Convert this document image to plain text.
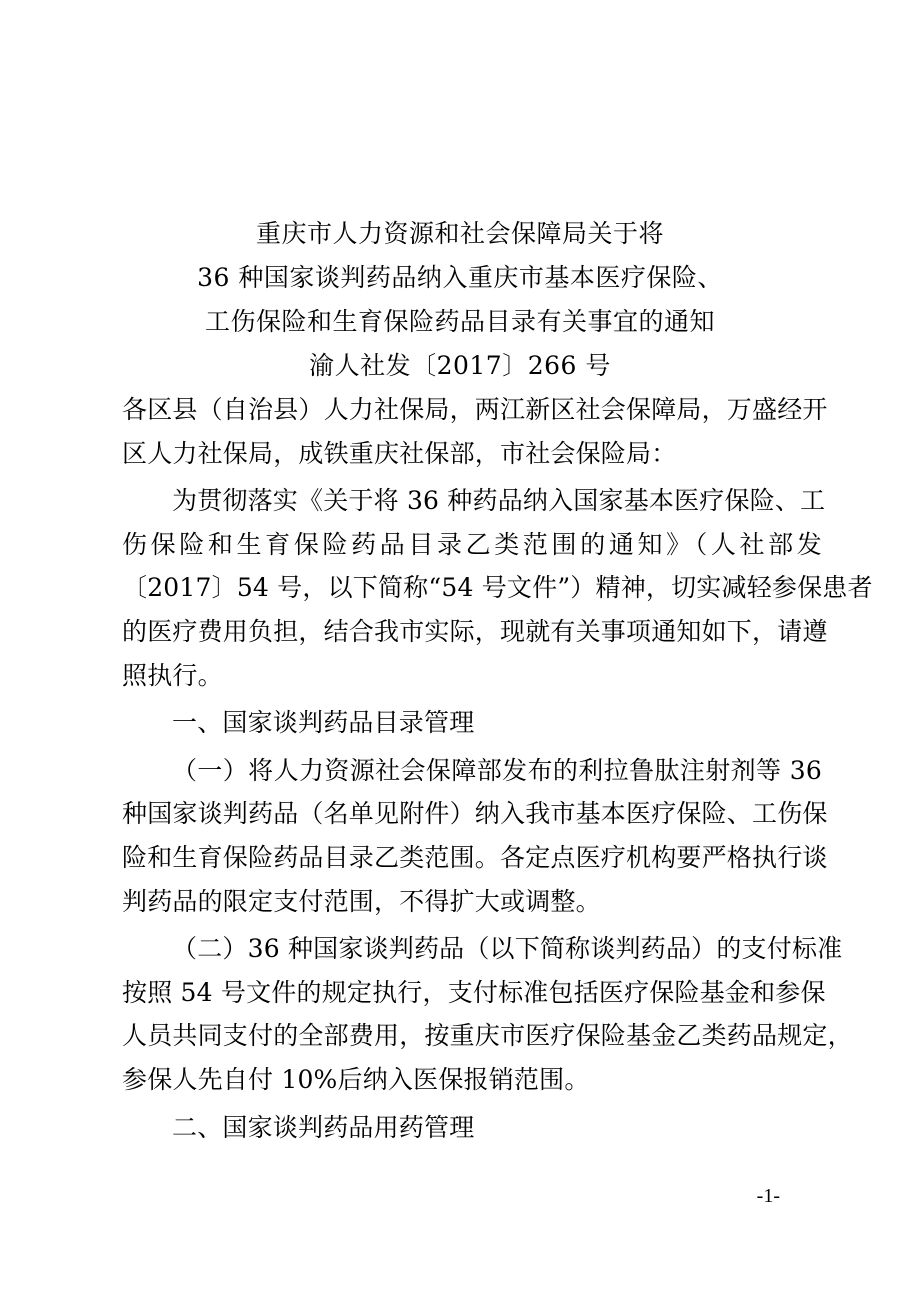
重庆市人力资源和社会保障局关于将
36 种国家谈判药品纳入重庆市基本医疗保险、
工伤保险和生育保险药品目录有关事宜的通知
渝人社发〔2017〕266 号
各区县（自治县）人力社保局，两江新区社会保障局，万盛经开
区人力社保局，成铁重庆社保部，市社会保险局：
为贯彻落实《关于将 36 种药品纳入国家基本医疗保险、工
伤保险和生育保险药品目录乙类范围的通知》（人社部发
〔2017〕54 号，以下简称“54 号文件”）精神，切实减轻参保患者
的医疗费用负担，结合我市实际，现就有关事项通知如下，请遵
照执行。
一、国家谈判药品目录管理
（一）将人力资源社会保障部发布的利拉鲁肽注射剂等 36
种国家谈判药品（名单见附件）纳入我市基本医疗保险、工伤保
险和生育保险药品目录乙类范围。各定点医疗机构要严格执行谈
判药品的限定支付范围，不得扩大或调整。
（二）36 种国家谈判药品（以下简称谈判药品）的支付标准
按照 54 号文件的规定执行，支付标准包括医疗保险基金和参保
人员共同支付的全部费用，按重庆市医疗保险基金乙类药品规定，
参保人先自付 10%后纳入医保报销范围。
二、国家谈判药品用药管理
-1-
